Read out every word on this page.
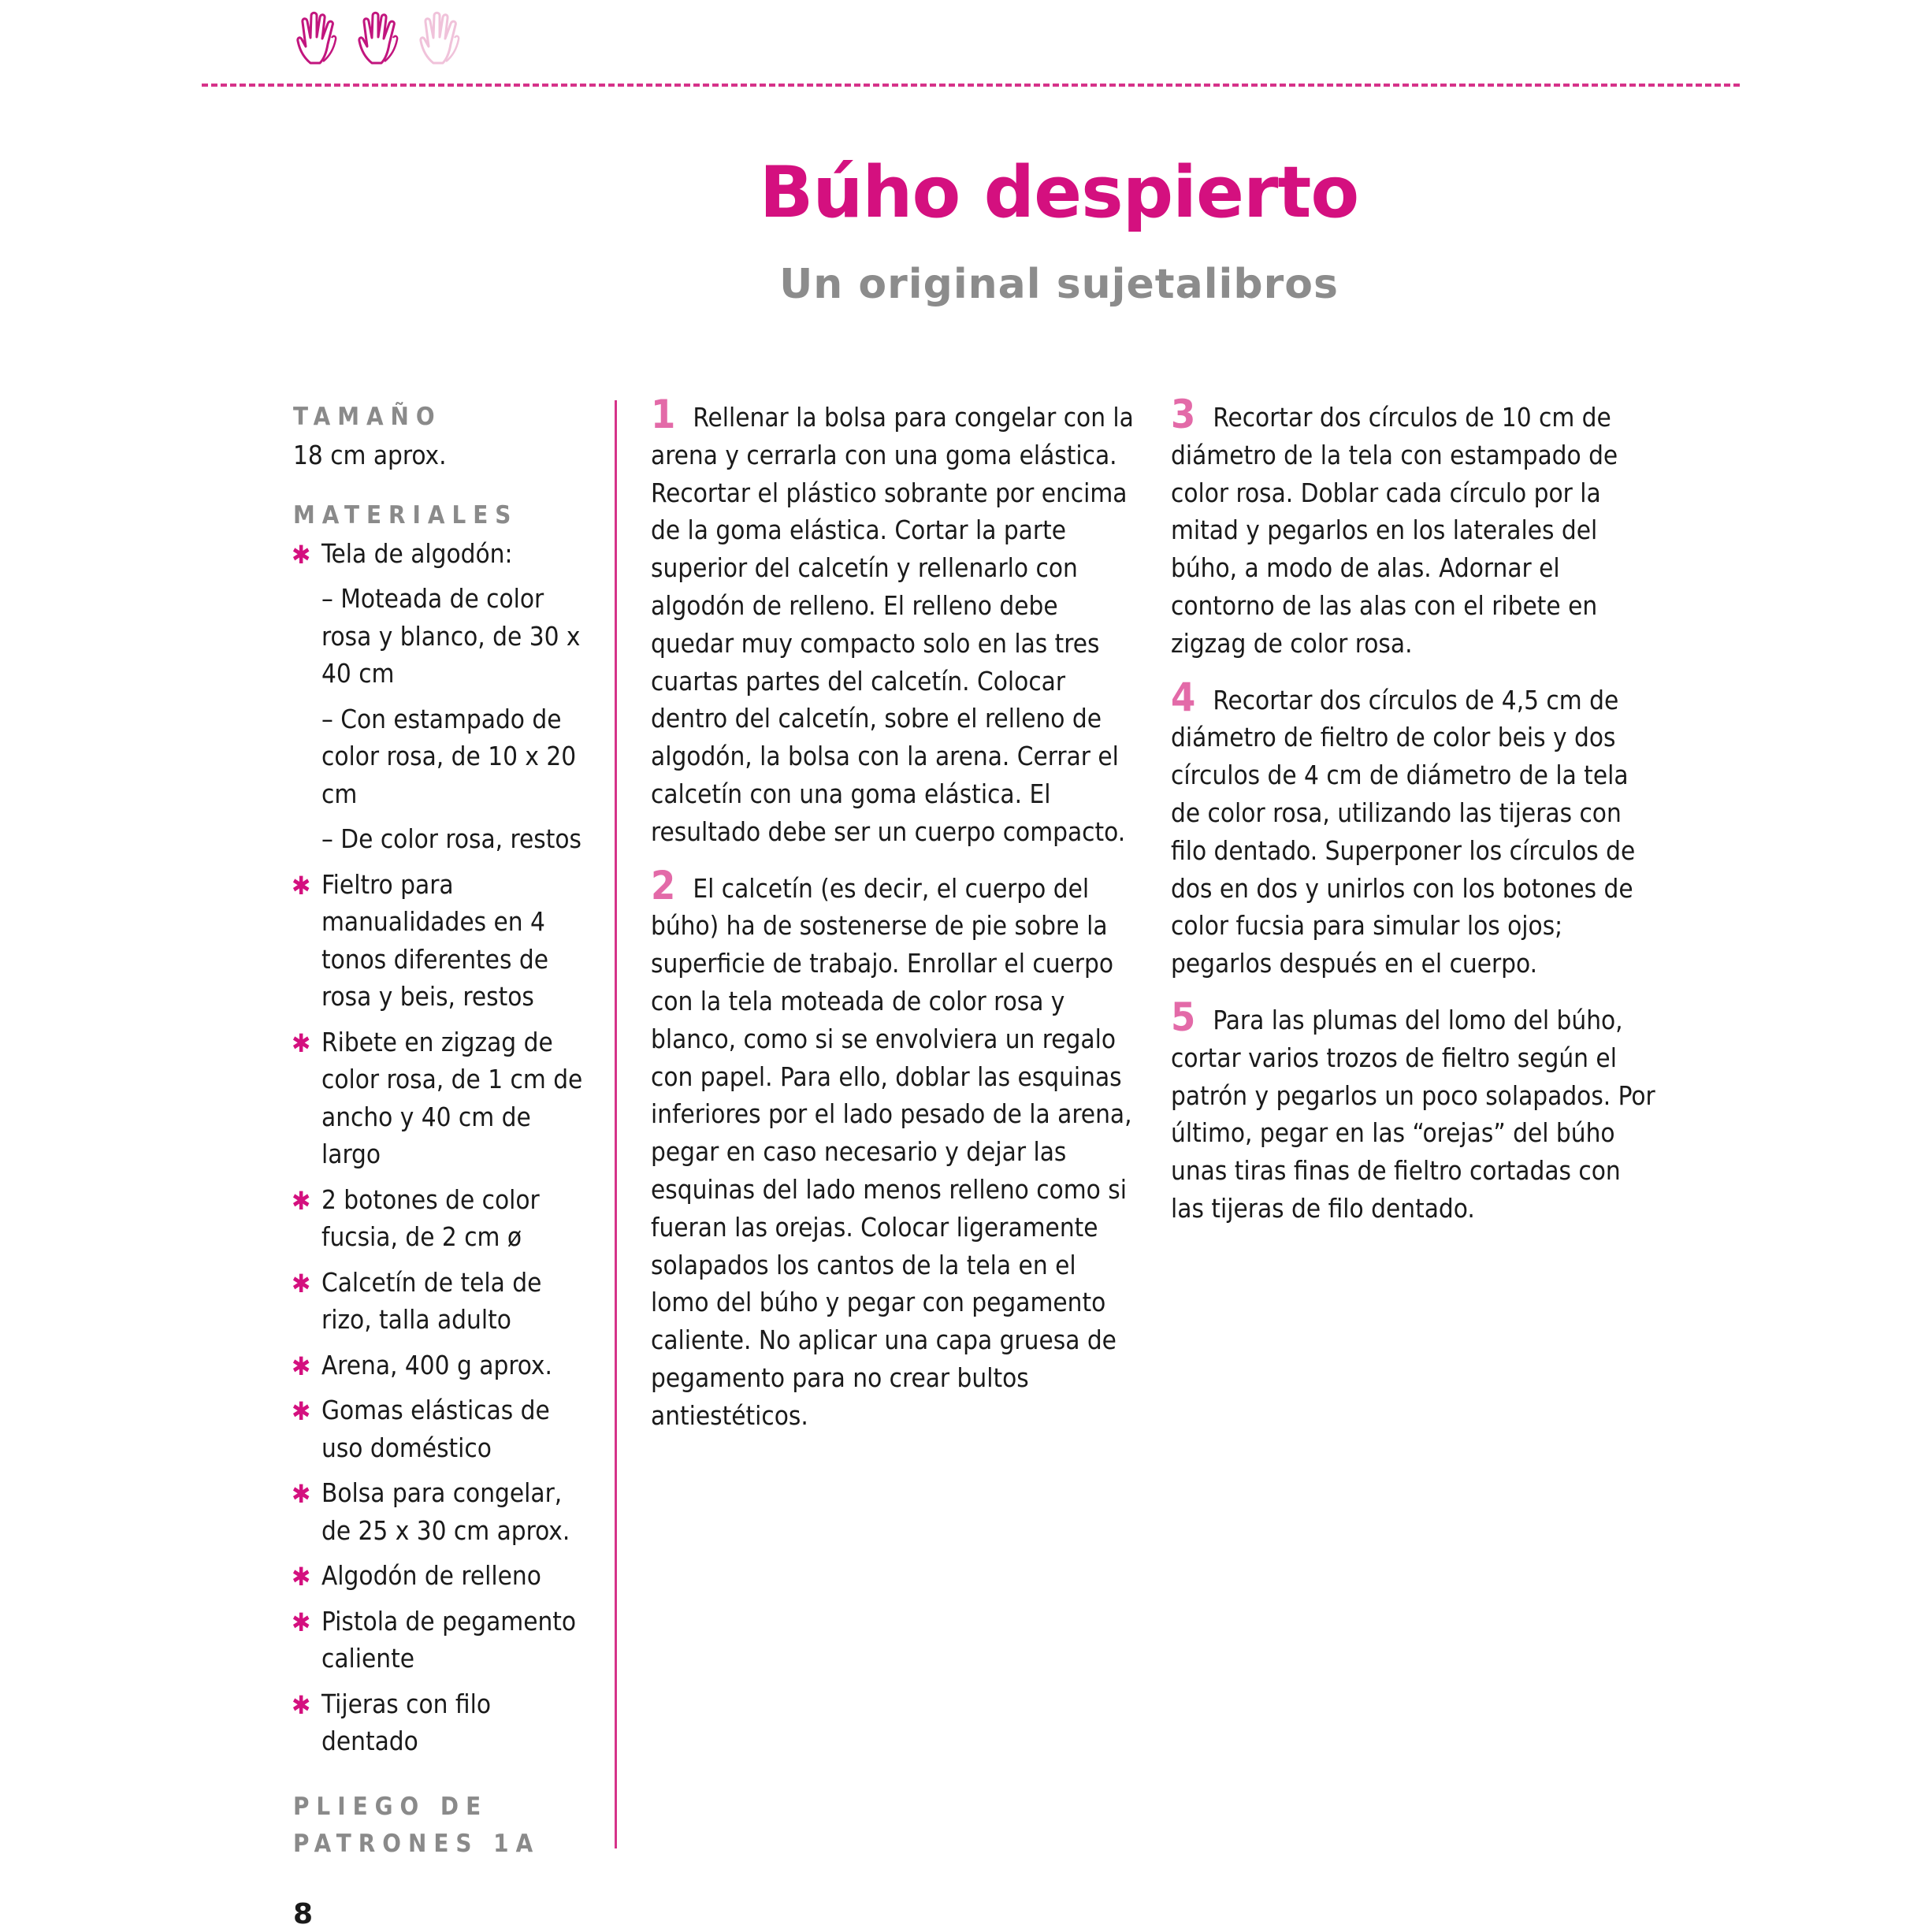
Búho despierto
Un original sujetalibros
TAMAÑO
18 cm aprox.
MATERIALES
✱ Tela de algodón:
– Moteada de color rosa y blanco, de 30 x 40 cm
– Con estampado de color rosa, de 10 x 20 cm
– De color rosa, restos
✱ Fieltro para manualidades en 4 tonos diferentes de rosa y beis, restos
✱ Ribete en zigzag de color rosa, de 1 cm de ancho y 40 cm de largo
✱ 2 botones de color fucsia, de 2 cm ø
✱ Calcetín de tela de rizo, talla adulto
✱ Arena, 400 g aprox.
✱ Gomas elásticas de uso doméstico
✱ Bolsa para congelar, de 25 x 30 cm aprox.
✱ Algodón de relleno
✱ Pistola de pegamento caliente
✱ Tijeras con filo dentado
PLIEGO DE PATRONES 1A

1 Rellenar la bolsa para congelar con la arena y cerrarla con una goma elástica. Recortar el plástico sobrante por encima de la goma elástica. Cortar la parte superior del calcetín y rellenarlo con algodón de relleno. El relleno debe quedar muy compacto solo en las tres cuartas partes del calcetín. Colocar dentro del calcetín, sobre el relleno de algodón, la bolsa con la arena. Cerrar el calcetín con una goma elástica. El resultado debe ser un cuerpo compacto.

2 El calcetín (es decir, el cuerpo del búho) ha de sostenerse de pie sobre la superficie de trabajo. Enrollar el cuerpo con la tela moteada de color rosa y blanco, como si se envolviera un regalo con papel. Para ello, doblar las esquinas inferiores por el lado pesado de la arena, pegar en caso necesario y dejar las esquinas del lado menos relleno como si fueran las orejas. Colocar ligeramente solapados los cantos de la tela en el lomo del búho y pegar con pegamento caliente. No aplicar una capa gruesa de pegamento para no crear bultos antiestéticos.

3 Recortar dos círculos de 10 cm de diámetro de la tela con estampado de color rosa. Doblar cada círculo por la mitad y pegarlos en los laterales del búho, a modo de alas. Adornar el contorno de las alas con el ribete en zigzag de color rosa.

4 Recortar dos círculos de 4,5 cm de diámetro de fieltro de color beis y dos círculos de 4 cm de diámetro de la tela de color rosa, utilizando las tijeras con filo dentado. Superponer los círculos de dos en dos y unirlos con los botones de color fucsia para simular los ojos; pegarlos después en el cuerpo.

5 Para las plumas del lomo del búho, cortar varios trozos de fieltro según el patrón y pegarlos un poco solapados. Por último, pegar en las “orejas” del búho unas tiras finas de fieltro cortadas con las tijeras de filo dentado.

8
